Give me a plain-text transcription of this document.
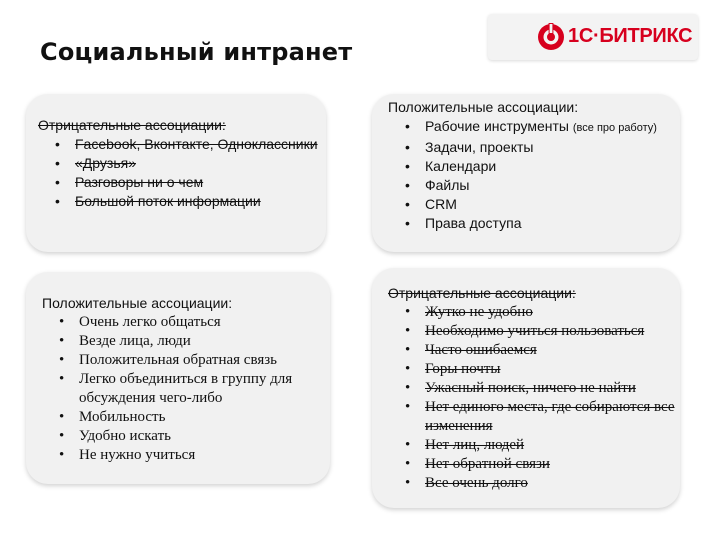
Социальный интранет
1С·БИТРИКС
Отрицательные ассоциации:
• Facebook, Вконтакте, Одноклассники
• «Друзья»
• Разговоры ни о чем
• Большой поток информации
Положительные ассоциации:
• Очень легко общаться
• Везде лица, люди
• Положительная обратная связь
• Легко объединиться в группу для обсуждения чего-либо
• Мобильность
• Удобно искать
• Не нужно учиться
Положительные ассоциации:
• Рабочие инструменты (все про работу)
• Задачи, проекты
• Календари
• Файлы
• CRM
• Права доступа
Отрицательные ассоциации:
• Жутко не удобно
• Необходимо учиться пользоваться
• Часто ошибаемся
• Горы почты
• Ужасный поиск, ничего не найти
• Нет единого места, где собираются все изменения
• Нет лиц, людей
• Нет обратной связи
• Все очень долго
